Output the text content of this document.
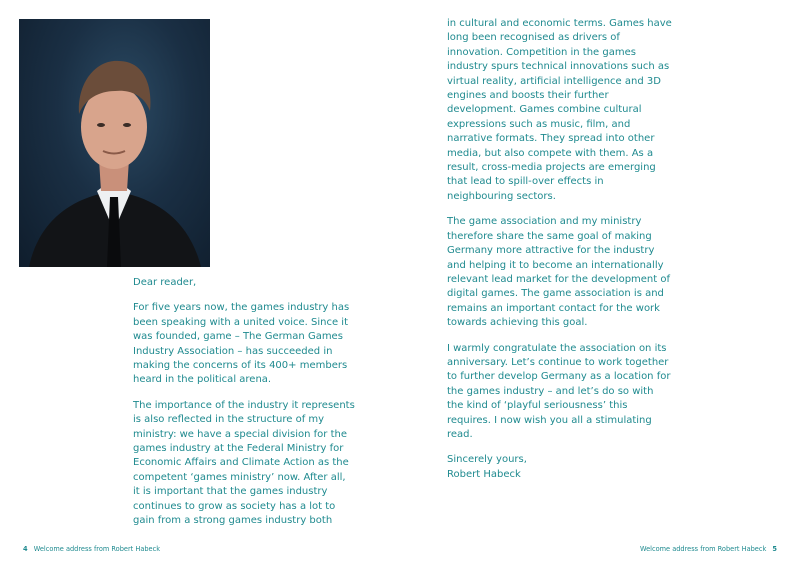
Dear reader,

For five years now, the games industry has been speaking with a united voice. Since it was founded, game – The German Games Industry Association – has succeeded in making the concerns of its 400+ members heard in the political arena.

The importance of the industry it represents is also reflected in the structure of my ministry: we have a special division for the games industry at the Federal Ministry for Economic Affairs and Climate Action as the competent ‘games ministry’ now. After all, it is important that the games industry continues to grow as society has a lot to gain from a strong games industry both

4 Welcome address from Robert Habeck

in cultural and economic terms. Games have long been recognised as drivers of innovation. Competition in the games industry spurs technical innovations such as virtual reality, artificial intelligence and 3D engines and boosts their further development. Games combine cultural expressions such as music, film, and narrative formats. They spread into other media, but also compete with them. As a result, cross-media projects are emerging that lead to spill-over effects in neighbouring sectors.

The game association and my ministry therefore share the same goal of making Germany more attractive for the industry and helping it to become an internationally relevant lead market for the development of digital games. The game association is and remains an important contact for the work towards achieving this goal.

I warmly congratulate the association on its anniversary. Let’s continue to work together to further develop Germany as a location for the games industry – and let’s do so with the kind of ‘playful seriousness’ this requires. I now wish you all a stimulating read.

Sincerely yours,

Robert Habeck

Welcome address from Robert Habeck 5
